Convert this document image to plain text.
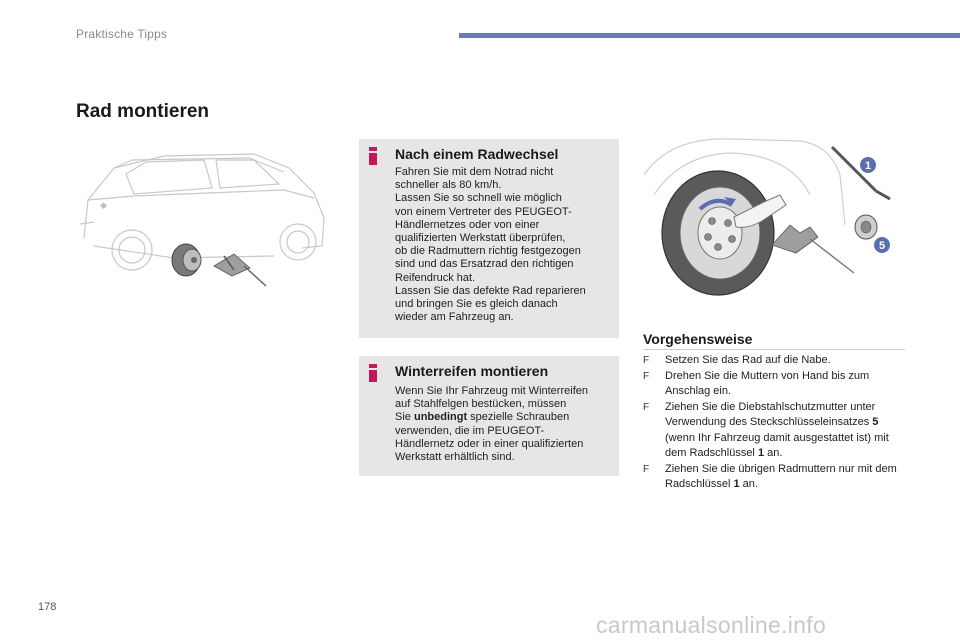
Praktische Tipps
Rad montieren
◆
Nach einem Radwechsel
Fahren Sie mit dem Notrad nicht
schneller als 80 km/h.
Lassen Sie so schnell wie möglich
von einem Vertreter des PEUGEOT-
Händlernetzes oder von einer
qualifizierten Werkstatt überprüfen,
ob die Radmuttern richtig festgezogen
sind und das Ersatzrad den richtigen
Reifendruck hat.
Lassen Sie das defekte Rad reparieren
und bringen Sie es gleich danach
wieder am Fahrzeug an.
Winterreifen montieren
Wenn Sie Ihr Fahrzeug mit Winterreifen
auf Stahlfelgen bestücken, müssen
Sie unbedingt spezielle Schrauben
verwenden, die im PEUGEOT-
Händlernetz oder in einer qualifizierten
Werkstatt erhältlich sind.
1
5
Vorgehensweise
F Setzen Sie das Rad auf die Nabe.
F Drehen Sie die Muttern von Hand bis zum Anschlag ein.
F Ziehen Sie die Diebstahlschutzmutter unter Verwendung des Steckschlüsseleinsatzes 5 (wenn Ihr Fahrzeug damit ausgestattet ist) mit dem Radschlüssel 1 an.
F Ziehen Sie die übrigen Radmuttern nur mit dem Radschlüssel 1 an.
178
carmanualsonline.info
